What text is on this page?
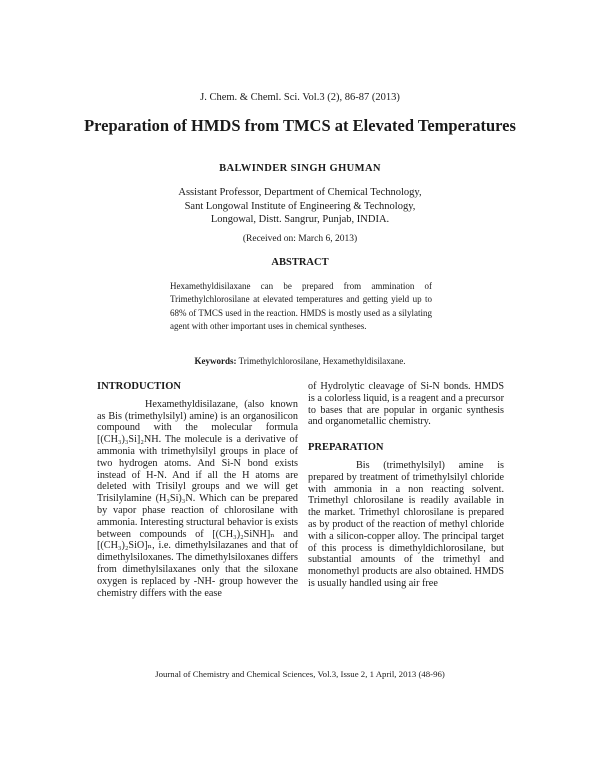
J. Chem. & Cheml. Sci. Vol.3 (2), 86-87 (2013)
Preparation of HMDS from TMCS at Elevated Temperatures
BALWINDER SINGH GHUMAN
Assistant Professor, Department of Chemical Technology,
Sant Longowal Institute of Engineering & Technology,
Longowal, Distt. Sangrur, Punjab, INDIA.
(Received on: March 6, 2013)
ABSTRACT
Hexamethyldisilaxane can be prepared from ammination of Trimethylchlorosilane at elevated temperatures and getting yield up to 68% of TMCS used in the reaction. HMDS is mostly used as a silylating agent with other important uses in chemical syntheses.
Keywords: Trimethylchlorosilane, Hexamethyldisilaxane.

INTRODUCTION

Hexamethyldisilazane, (also known as Bis (trimethylsilyl) amine) is an organosilicon compound with the molecular formula [(CH₃)₃Si]₂NH. The molecule is a derivative of ammonia with trimethylsilyl groups in place of two hydrogen atoms. And Si-N bond exists instead of H-N. And if all the H atoms are deleted with Trisilyl groups and we will get Trisilylamine (H₃Si)₃N. Which can be prepared by vapor phase reaction of chlorosilane with ammonia. Interesting structural behavior is exists between compounds of [(CH₃)₂SiNH]ₙ and [(CH₃)₂SiO]ₙ, i.e. dimethylsilazanes and that of dimethylsiloxanes. The dimethylsiloxanes differs from dimethylsilaxanes only that the siloxane oxygen is replaced by -NH- group however the chemistry differs with the ease

of Hydrolytic cleavage of Si-N bonds. HMDS is a colorless liquid, is a reagent and a precursor to bases that are popular in organic synthesis and organometallic chemistry.

PREPARATION

Bis (trimethylsilyl) amine is prepared by treatment of trimethylsilyl chloride with ammonia in a non reacting solvent. Trimethyl chlorosilane is readily available in the market. Trimethyl chlorosilane is prepared as by product of the reaction of methyl chloride with a silicon-copper alloy. The principal target of this process is dimethyldichlorosilane, but substantial amounts of the trimethyl and monomethyl products are also obtained. HMDS is usually handled using air free

Journal of Chemistry and Chemical Sciences, Vol.3, Issue 2, 1 April, 2013 (48-96)
